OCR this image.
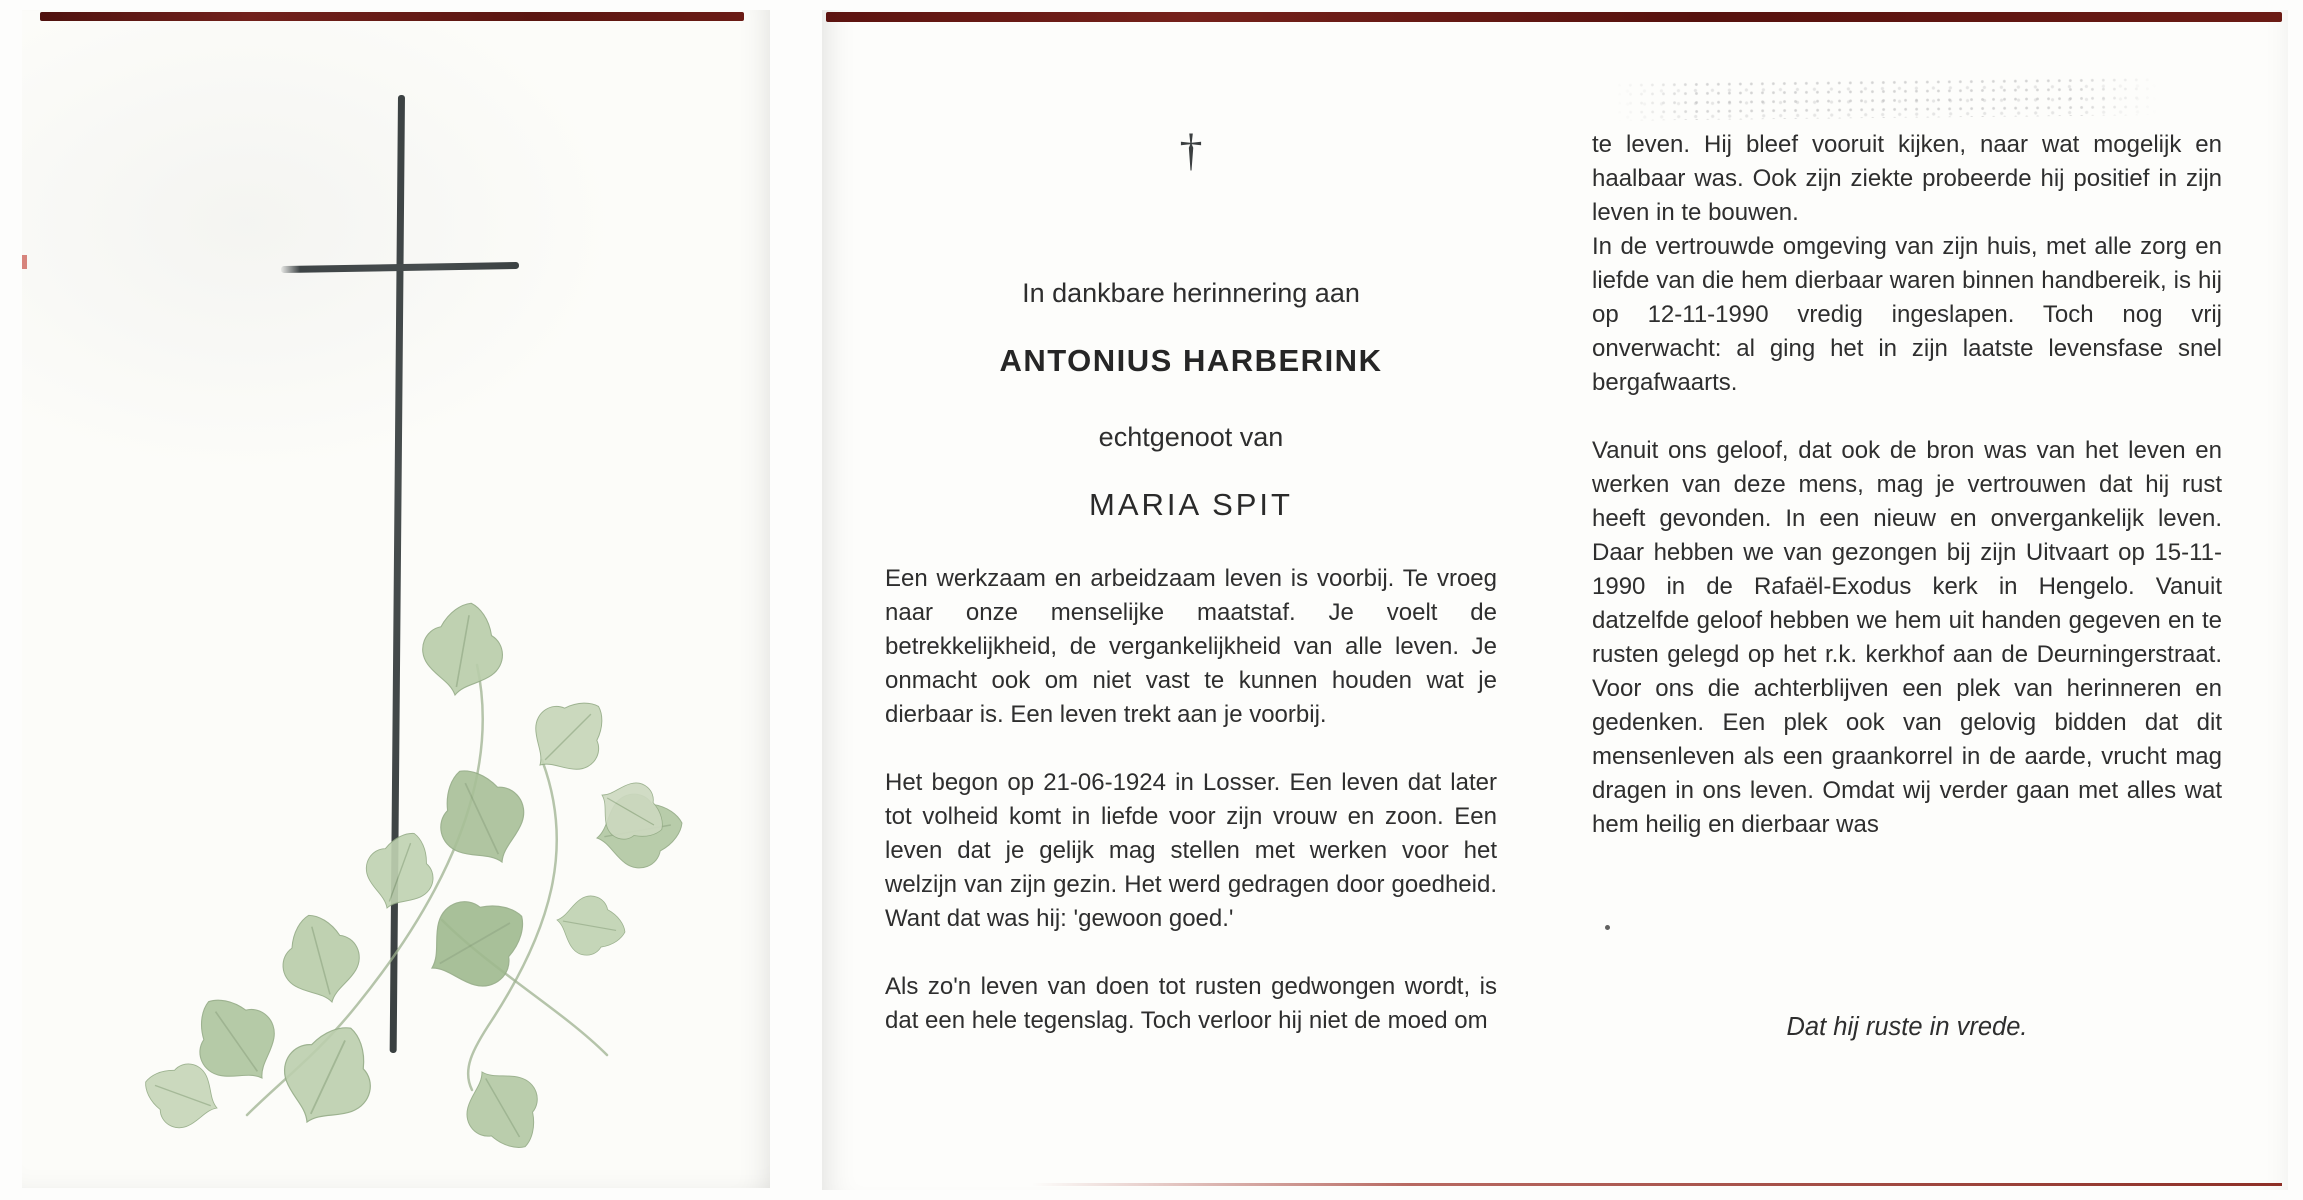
†

In dankbare herinnering aan

ANTONIUS HARBERINK

echtgenoot van

MARIA SPIT

Een werkzaam en arbeidzaam leven is voorbij. Te vroeg naar onze menselijke maatstaf. Je voelt de betrekkelijkheid, de vergankelijkheid van alle leven. Je onmacht ook om niet vast te kunnen houden wat je dierbaar is. Een leven trekt aan je voorbij.

Het begon op 21-06-1924 in Losser. Een leven dat later tot volheid komt in liefde voor zijn vrouw en zoon. Een leven dat je gelijk mag stellen met werken voor het welzijn van zijn gezin. Het werd gedragen door goedheid. Want dat was hij: 'gewoon goed.'

Als zo'n leven van doen tot rusten gedwongen wordt, is dat een hele tegenslag. Toch verloor hij niet de moed om

te leven. Hij bleef vooruit kijken, naar wat mogelijk en haalbaar was. Ook zijn ziekte probeerde hij positief in zijn leven in te bouwen.

In de vertrouwde omgeving van zijn huis, met alle zorg en liefde van die hem dierbaar waren binnen handbereik, is hij op 12-11-1990 vredig ingeslapen. Toch nog vrij onverwacht: al ging het in zijn laatste levensfase snel bergafwaarts.

Vanuit ons geloof, dat ook de bron was van het leven en werken van deze mens, mag je vertrouwen dat hij rust heeft gevonden. In een nieuw en onvergankelijk leven. Daar hebben we van gezongen bij zijn Uitvaart op 15-11-1990 in de Rafaël-Exodus kerk in Hengelo. Vanuit datzelfde geloof hebben we hem uit handen gegeven en te rusten gelegd op het r.k. kerkhof aan de Deurningerstraat. Voor ons die achterblijven een plek van herinneren en gedenken. Een plek ook van gelovig bidden dat dit mensenleven als een graankorrel in de aarde, vrucht mag dragen in ons leven. Omdat wij verder gaan met alles wat hem heilig en dierbaar was

Dat hij ruste in vrede.
